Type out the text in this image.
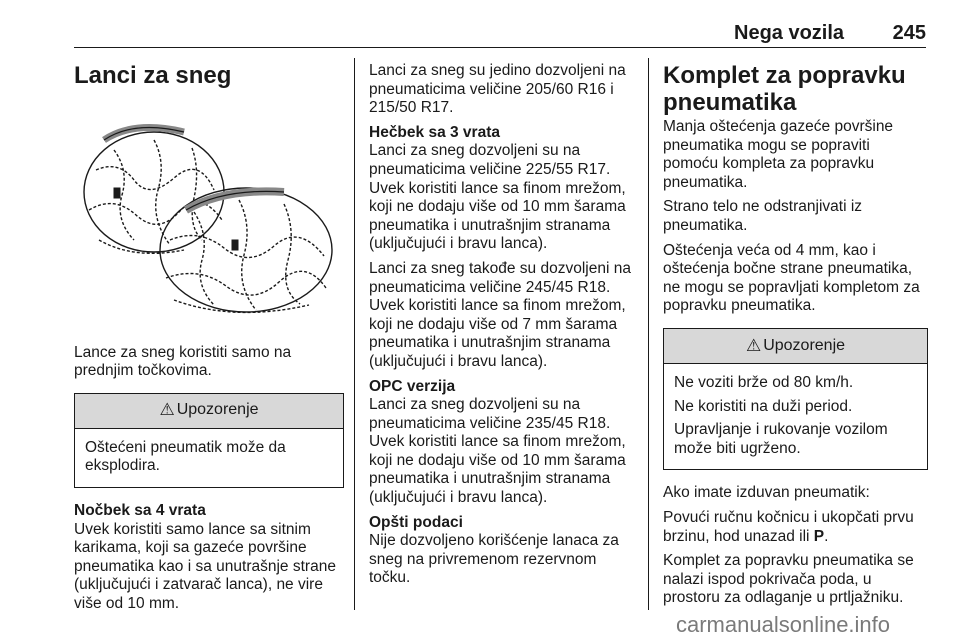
Nega vozila	245
Lanci za sneg

Lance za sneg koristiti samo na prednjim točkovima.

⚠ Upozorenje

Oštećeni pneumatik može da eksplodira.

Nočbek sa 4 vrata

Uvek koristiti samo lance sa sitnim karikama, koji sa gazeće površine pneumatika kao i sa unutrašnje strane (uključujući i zatvarač lanca), ne vire više od 10 mm.

Lanci za sneg su jedino dozvoljeni na pneumaticima veličine 205/60 R16 i 215/50 R17.

Hečbek sa 3 vrata

Lanci za sneg dozvoljeni su na pneumaticima veličine 225/55 R17. Uvek koristiti lance sa finom mrežom, koji ne dodaju više od 10 mm šarama pneumatika i unutrašnjim stranama (uključujući i bravu lanca).

Lanci za sneg takođe su dozvoljeni na pneumaticima veličine 245/45 R18. Uvek koristiti lance sa finom mrežom, koji ne dodaju više od 7 mm šarama pneumatika i unutrašnjim stranama (uključujući i bravu lanca).

OPC verzija

Lanci za sneg dozvoljeni su na pneumaticima veličine 235/45 R18. Uvek koristiti lance sa finom mrežom, koji ne dodaju više od 10 mm šarama pneumatika i unutrašnjim stranama (uključujući i bravu lanca).

Opšti podaci

Nije dozvoljeno korišćenje lanaca za sneg na privremenom rezervnom točku.

Komplet za popravku pneumatika

Manja oštećenja gazeće površine pneumatika mogu se popraviti pomoću kompleta za popravku pneumatika.

Strano telo ne odstranjivati iz pneumatika.

Oštećenja veća od 4 mm, kao i oštećenja bočne strane pneumatika, ne mogu se popravljati kompletom za popravku pneumatika.

⚠ Upozorenje

Ne voziti brže od 80 km/h.

Ne koristiti na duži period.

Upravljanje i rukovanje vozilom može biti ugrženo.

Ako imate izduvan pneumatik:

Povući ručnu kočnicu i ukopčati prvu brzinu, hod unazad ili P.

Komplet za popravku pneumatika se nalazi ispod pokrivača poda, u prostoru za odlaganje u prtljažniku.

carmanualsonline.info
